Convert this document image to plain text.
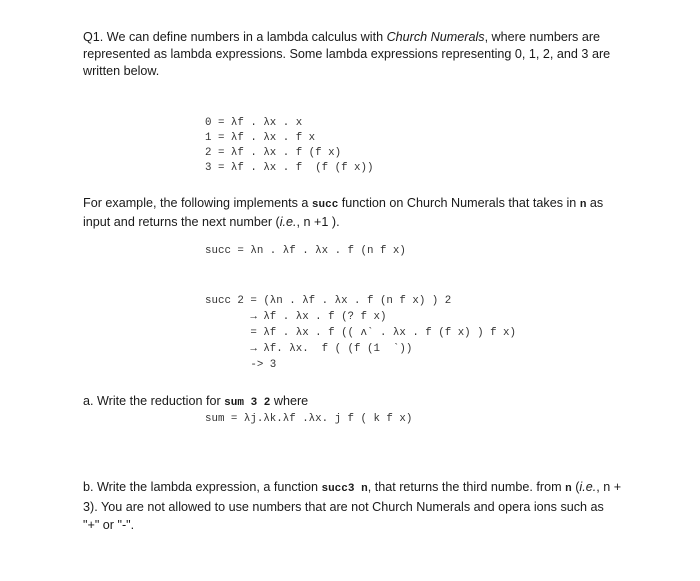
Q1. We can define numbers in a lambda calculus with Church Numerals, where numbers are represented as lambda expressions. Some lambda expressions representing 0, 1, 2, and 3 are written below.

0 = λf . λx . x
1 = λf . λx . f x
2 = λf . λx . f (f x)
3 = λf . λx . f  (f (f x))

For example, the following implements a succ function on Church Numerals that takes in n as input and returns the next number (i.e., n +1 ).

succ = λn . λf . λx . f (n f x)
succ 2 = (λn . λf . λx . f (n f x) ) 2
→ λf . λx . f (? f x)
= λf . λx . f (( ʌ` . λx . f (f x) ) f x)
→ λf. λx.  f ( (f (1  `))
-> 3

a. Write the reduction for sum 3 2 where

sum = λj.λk.λf .λx. j f ( k f x)

b. Write the lambda expression, a function succ3 n, that returns the third numbe. from n (i.e., n + 3). You are not allowed to use numbers that are not Church Numerals and opera ions such as "+" or "-".
